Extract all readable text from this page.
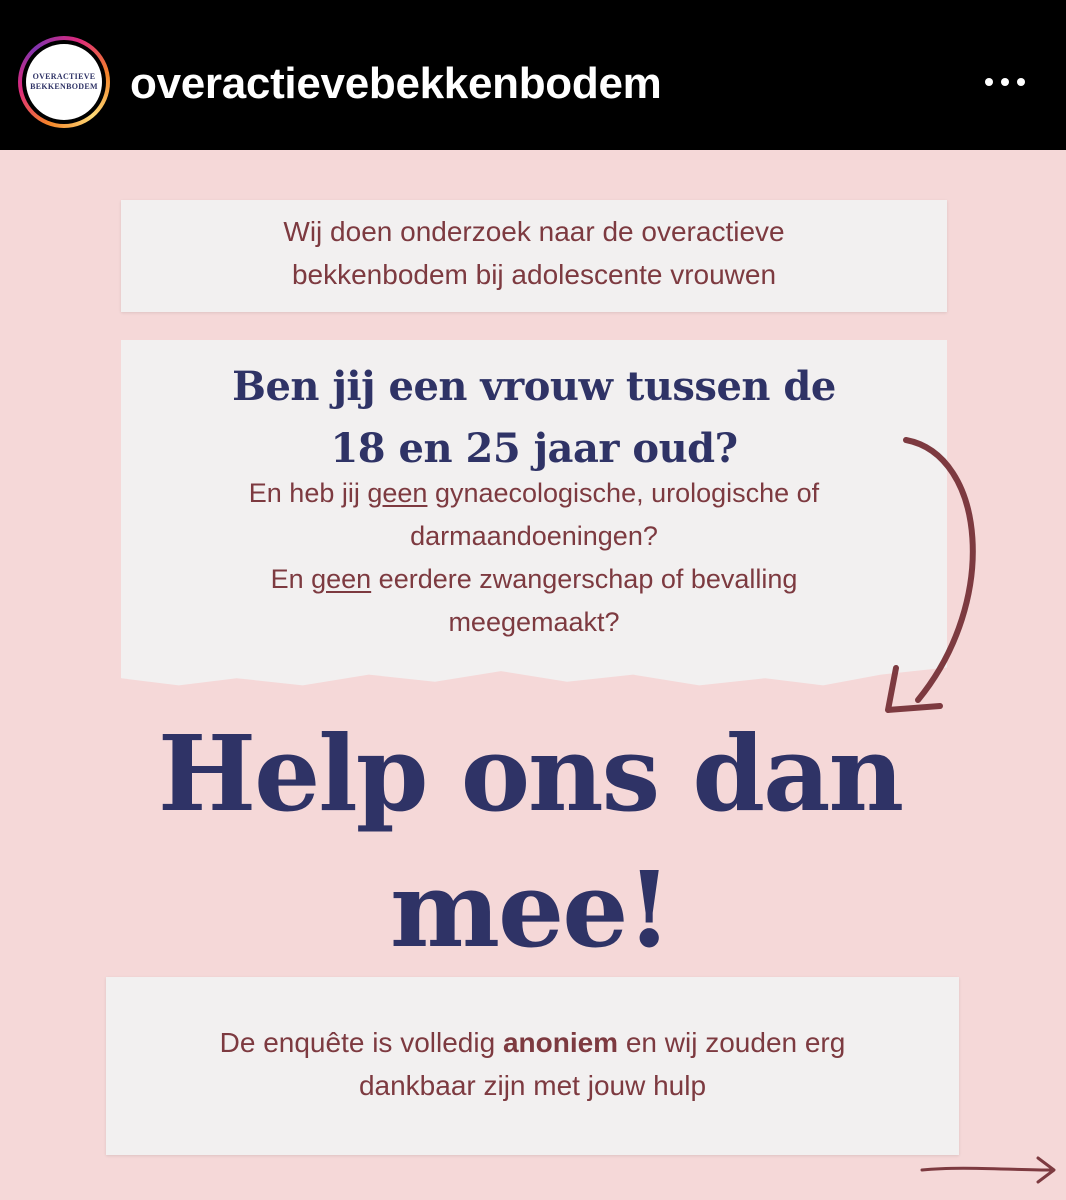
OVERACTIEVE
BEKKENBODEM overactievebekkenbodem
Wij doen onderzoek naar de overactieve
bekkenbodem bij adolescente vrouwen
Ben jij een vrouw tussen de
18 en 25 jaar oud?
En heb jij geen gynaecologische, urologische of
darmaandoeningen?
En geen eerdere zwangerschap of bevalling
meegemaakt?
Help ons dan
mee!
De enquête is volledig anoniem en wij zouden erg
dankbaar zijn met jouw hulp
